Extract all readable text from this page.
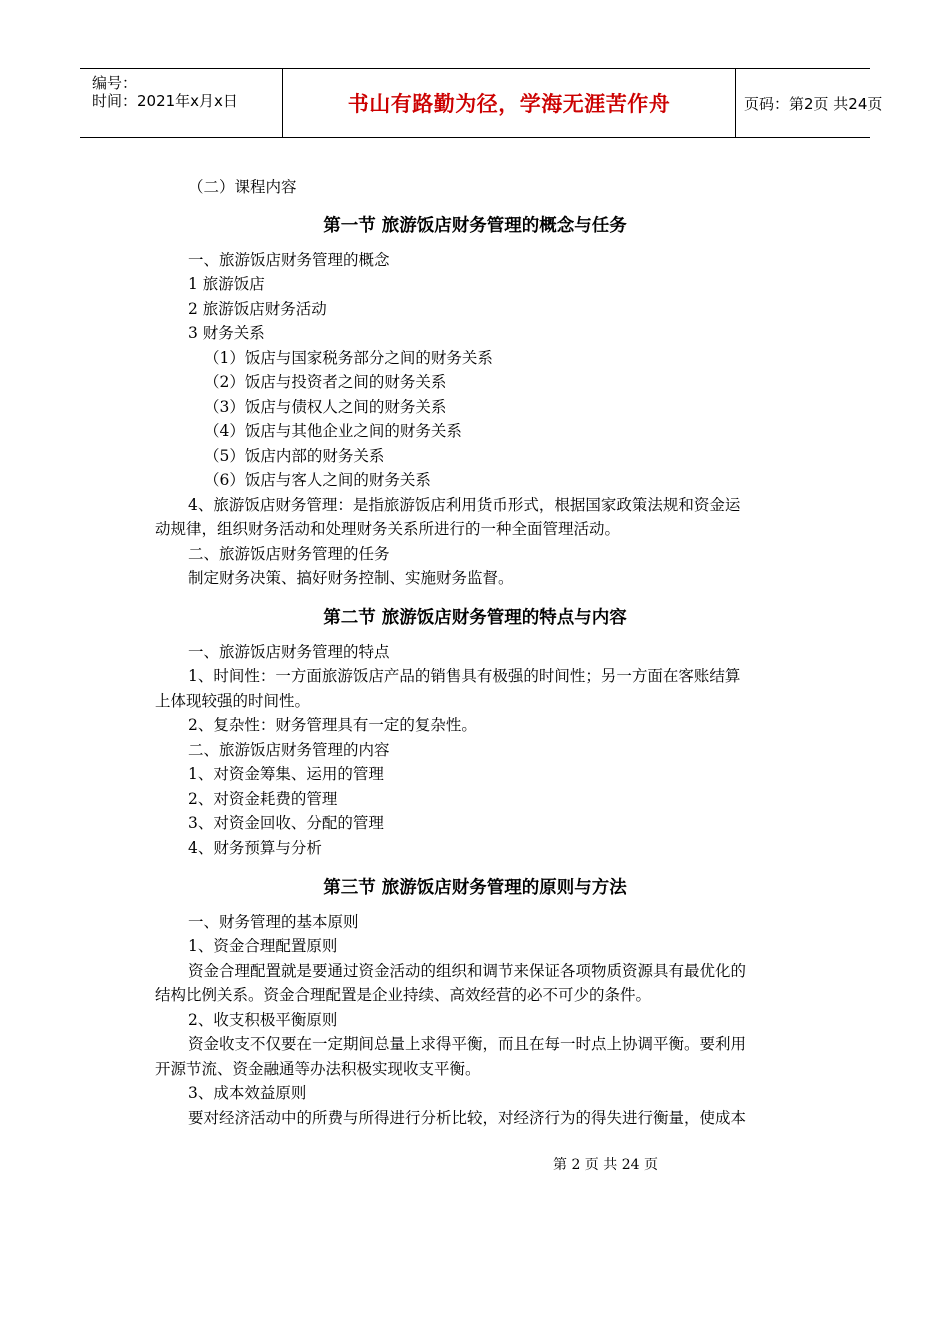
编号：
时间：2021年x月x日	书山有路勤为径，学海无涯苦作舟	页码：第2页 共24页
（二）课程内容
第一节 旅游饭店财务管理的概念与任务
一、旅游饭店财务管理的概念
1 旅游饭店
2 旅游饭店财务活动
3 财务关系
（1）饭店与国家税务部分之间的财务关系
（2）饭店与投资者之间的财务关系
（3）饭店与债权人之间的财务关系
（4）饭店与其他企业之间的财务关系
（5）饭店内部的财务关系
（6）饭店与客人之间的财务关系
4、旅游饭店财务管理：是指旅游饭店利用货币形式，根据国家政策法规和资金运
动规律，组织财务活动和处理财务关系所进行的一种全面管理活动。
二、旅游饭店财务管理的任务
制定财务决策、搞好财务控制、实施财务监督。
第二节 旅游饭店财务管理的特点与内容
一、旅游饭店财务管理的特点
1、时间性：一方面旅游饭店产品的销售具有极强的时间性；另一方面在客账结算
上体现较强的时间性。
2、复杂性：财务管理具有一定的复杂性。
二、旅游饭店财务管理的内容
1、对资金筹集、运用的管理
2、对资金耗费的管理
3、对资金回收、分配的管理
4、财务预算与分析
第三节 旅游饭店财务管理的原则与方法
一、财务管理的基本原则
1、资金合理配置原则
资金合理配置就是要通过资金活动的组织和调节来保证各项物质资源具有最优化的
结构比例关系。资金合理配置是企业持续、高效经营的必不可少的条件。
2、收支积极平衡原则
资金收支不仅要在一定期间总量上求得平衡，而且在每一时点上协调平衡。要利用
开源节流、资金融通等办法积极实现收支平衡。
3、成本效益原则
要对经济活动中的所费与所得进行分析比较，对经济行为的得失进行衡量，使成本
第 2 页 共 24 页
